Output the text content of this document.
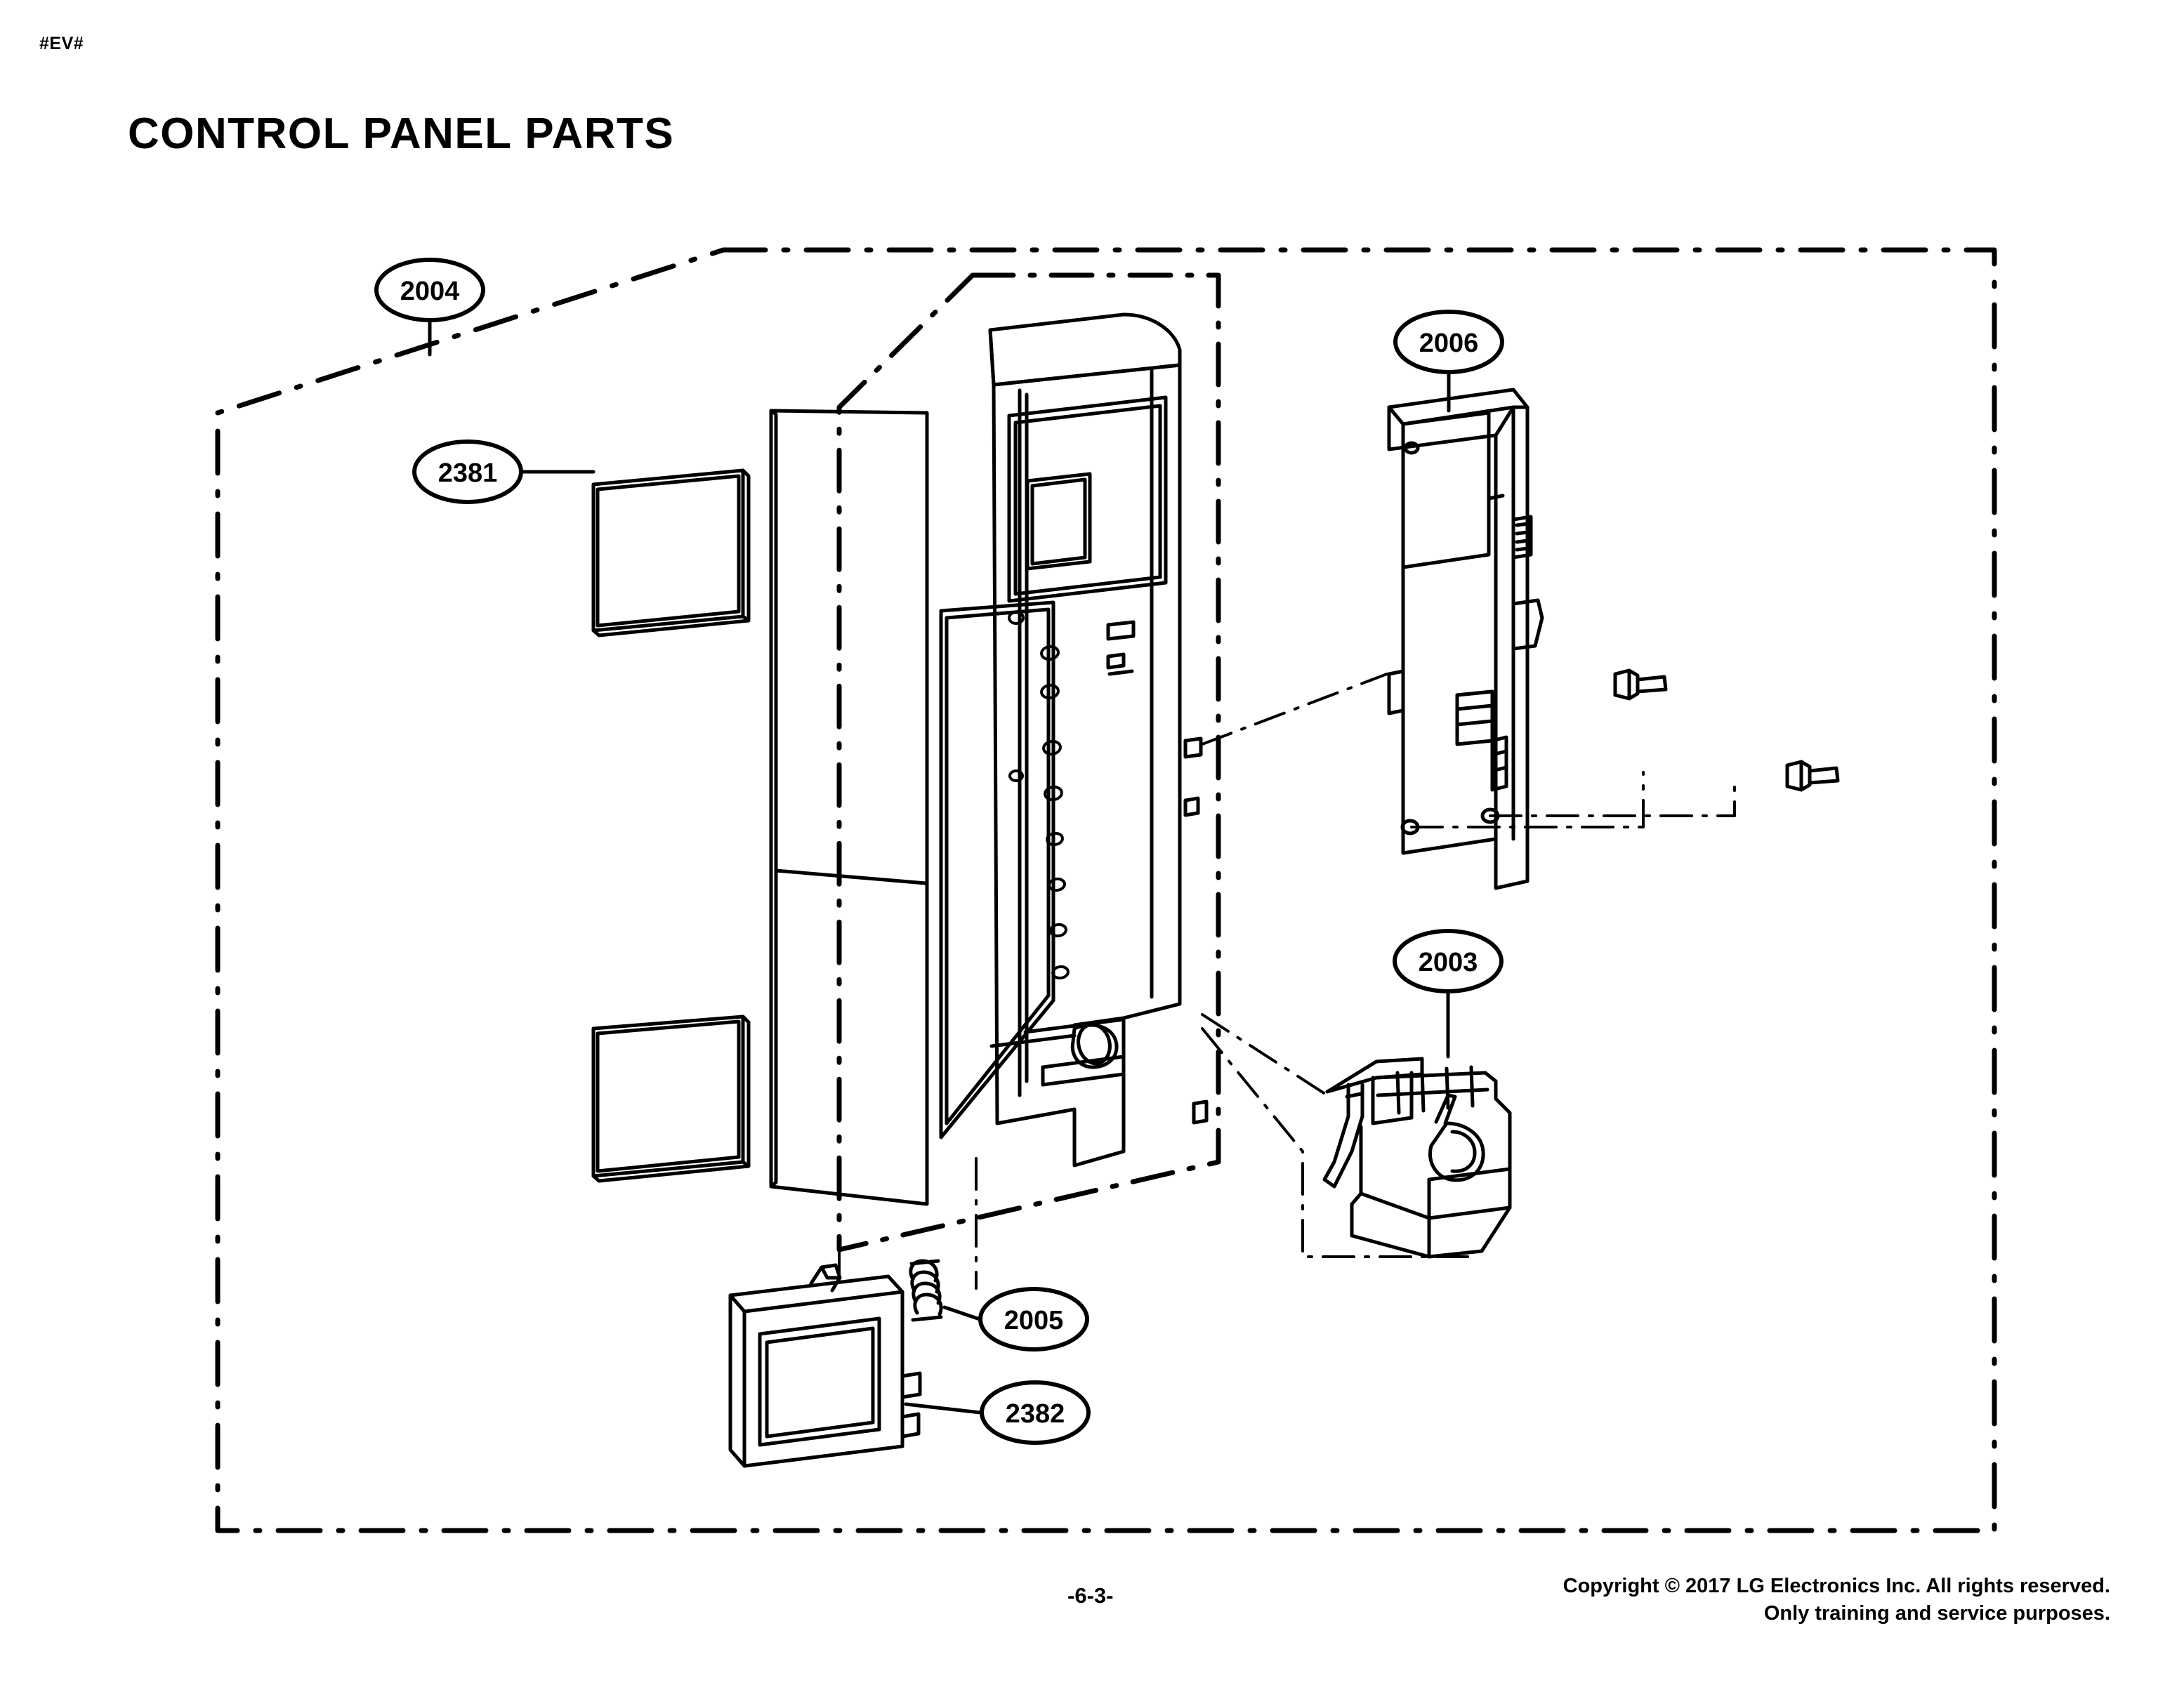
#EV#
CONTROL PANEL PARTS
2004
2381
2006
2003
2005
2382
-6-3-	Copyright © 2017 LG Electronics Inc. All rights reserved.
Only training and service purposes.
